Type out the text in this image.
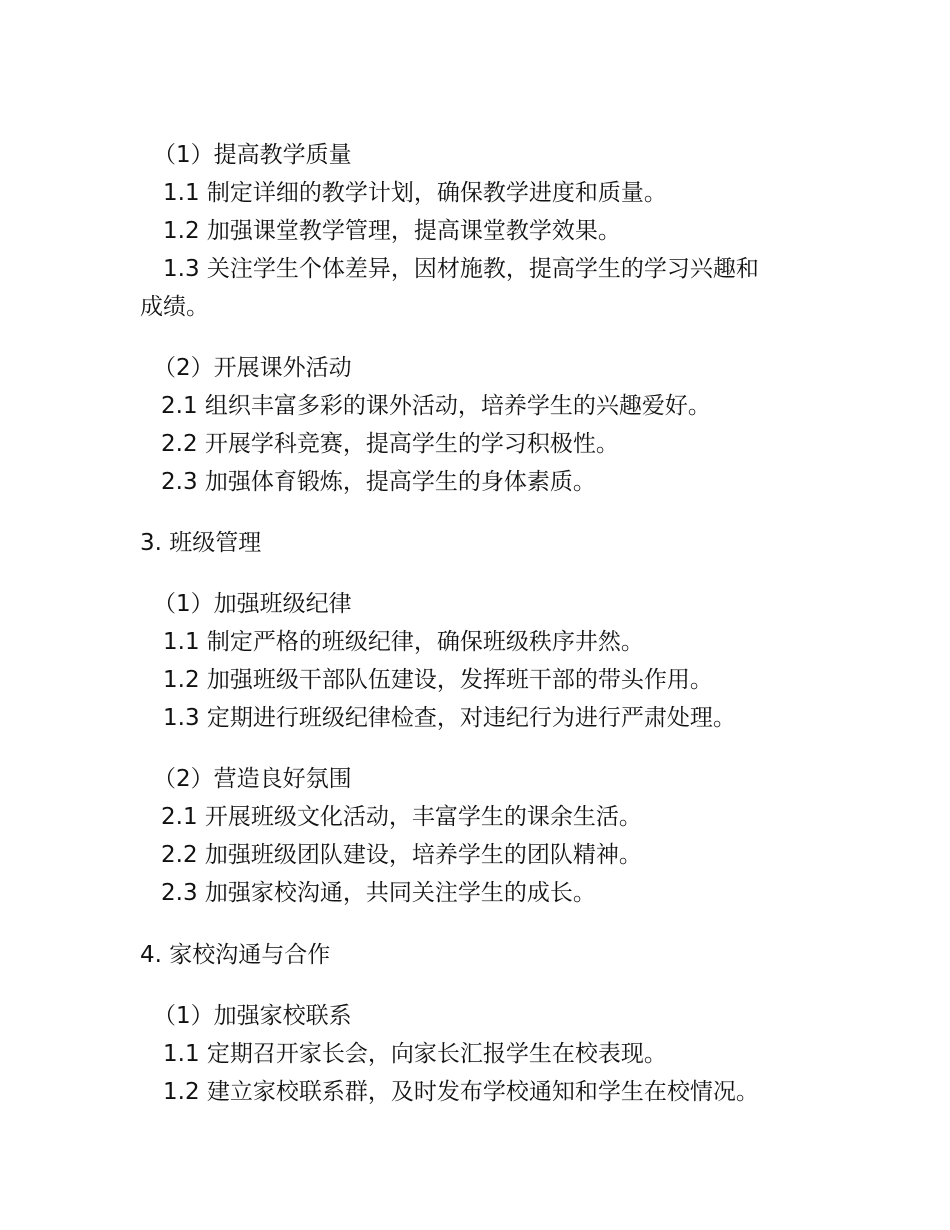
（1）提高教学质量
1.1 制定详细的教学计划，确保教学进度和质量。
1.2 加强课堂教学管理，提高课堂教学效果。
1.3 关注学生个体差异，因材施教，提高学生的学习兴趣和
成绩。
（2）开展课外活动
2.1 组织丰富多彩的课外活动，培养学生的兴趣爱好。
2.2 开展学科竞赛，提高学生的学习积极性。
2.3 加强体育锻炼，提高学生的身体素质。
3. 班级管理
（1）加强班级纪律
1.1 制定严格的班级纪律，确保班级秩序井然。
1.2 加强班级干部队伍建设，发挥班干部的带头作用。
1.3 定期进行班级纪律检查，对违纪行为进行严肃处理。
（2）营造良好氛围
2.1 开展班级文化活动，丰富学生的课余生活。
2.2 加强班级团队建设，培养学生的团队精神。
2.3 加强家校沟通，共同关注学生的成长。
4. 家校沟通与合作
（1）加强家校联系
1.1 定期召开家长会，向家长汇报学生在校表现。
1.2 建立家校联系群，及时发布学校通知和学生在校情况。
